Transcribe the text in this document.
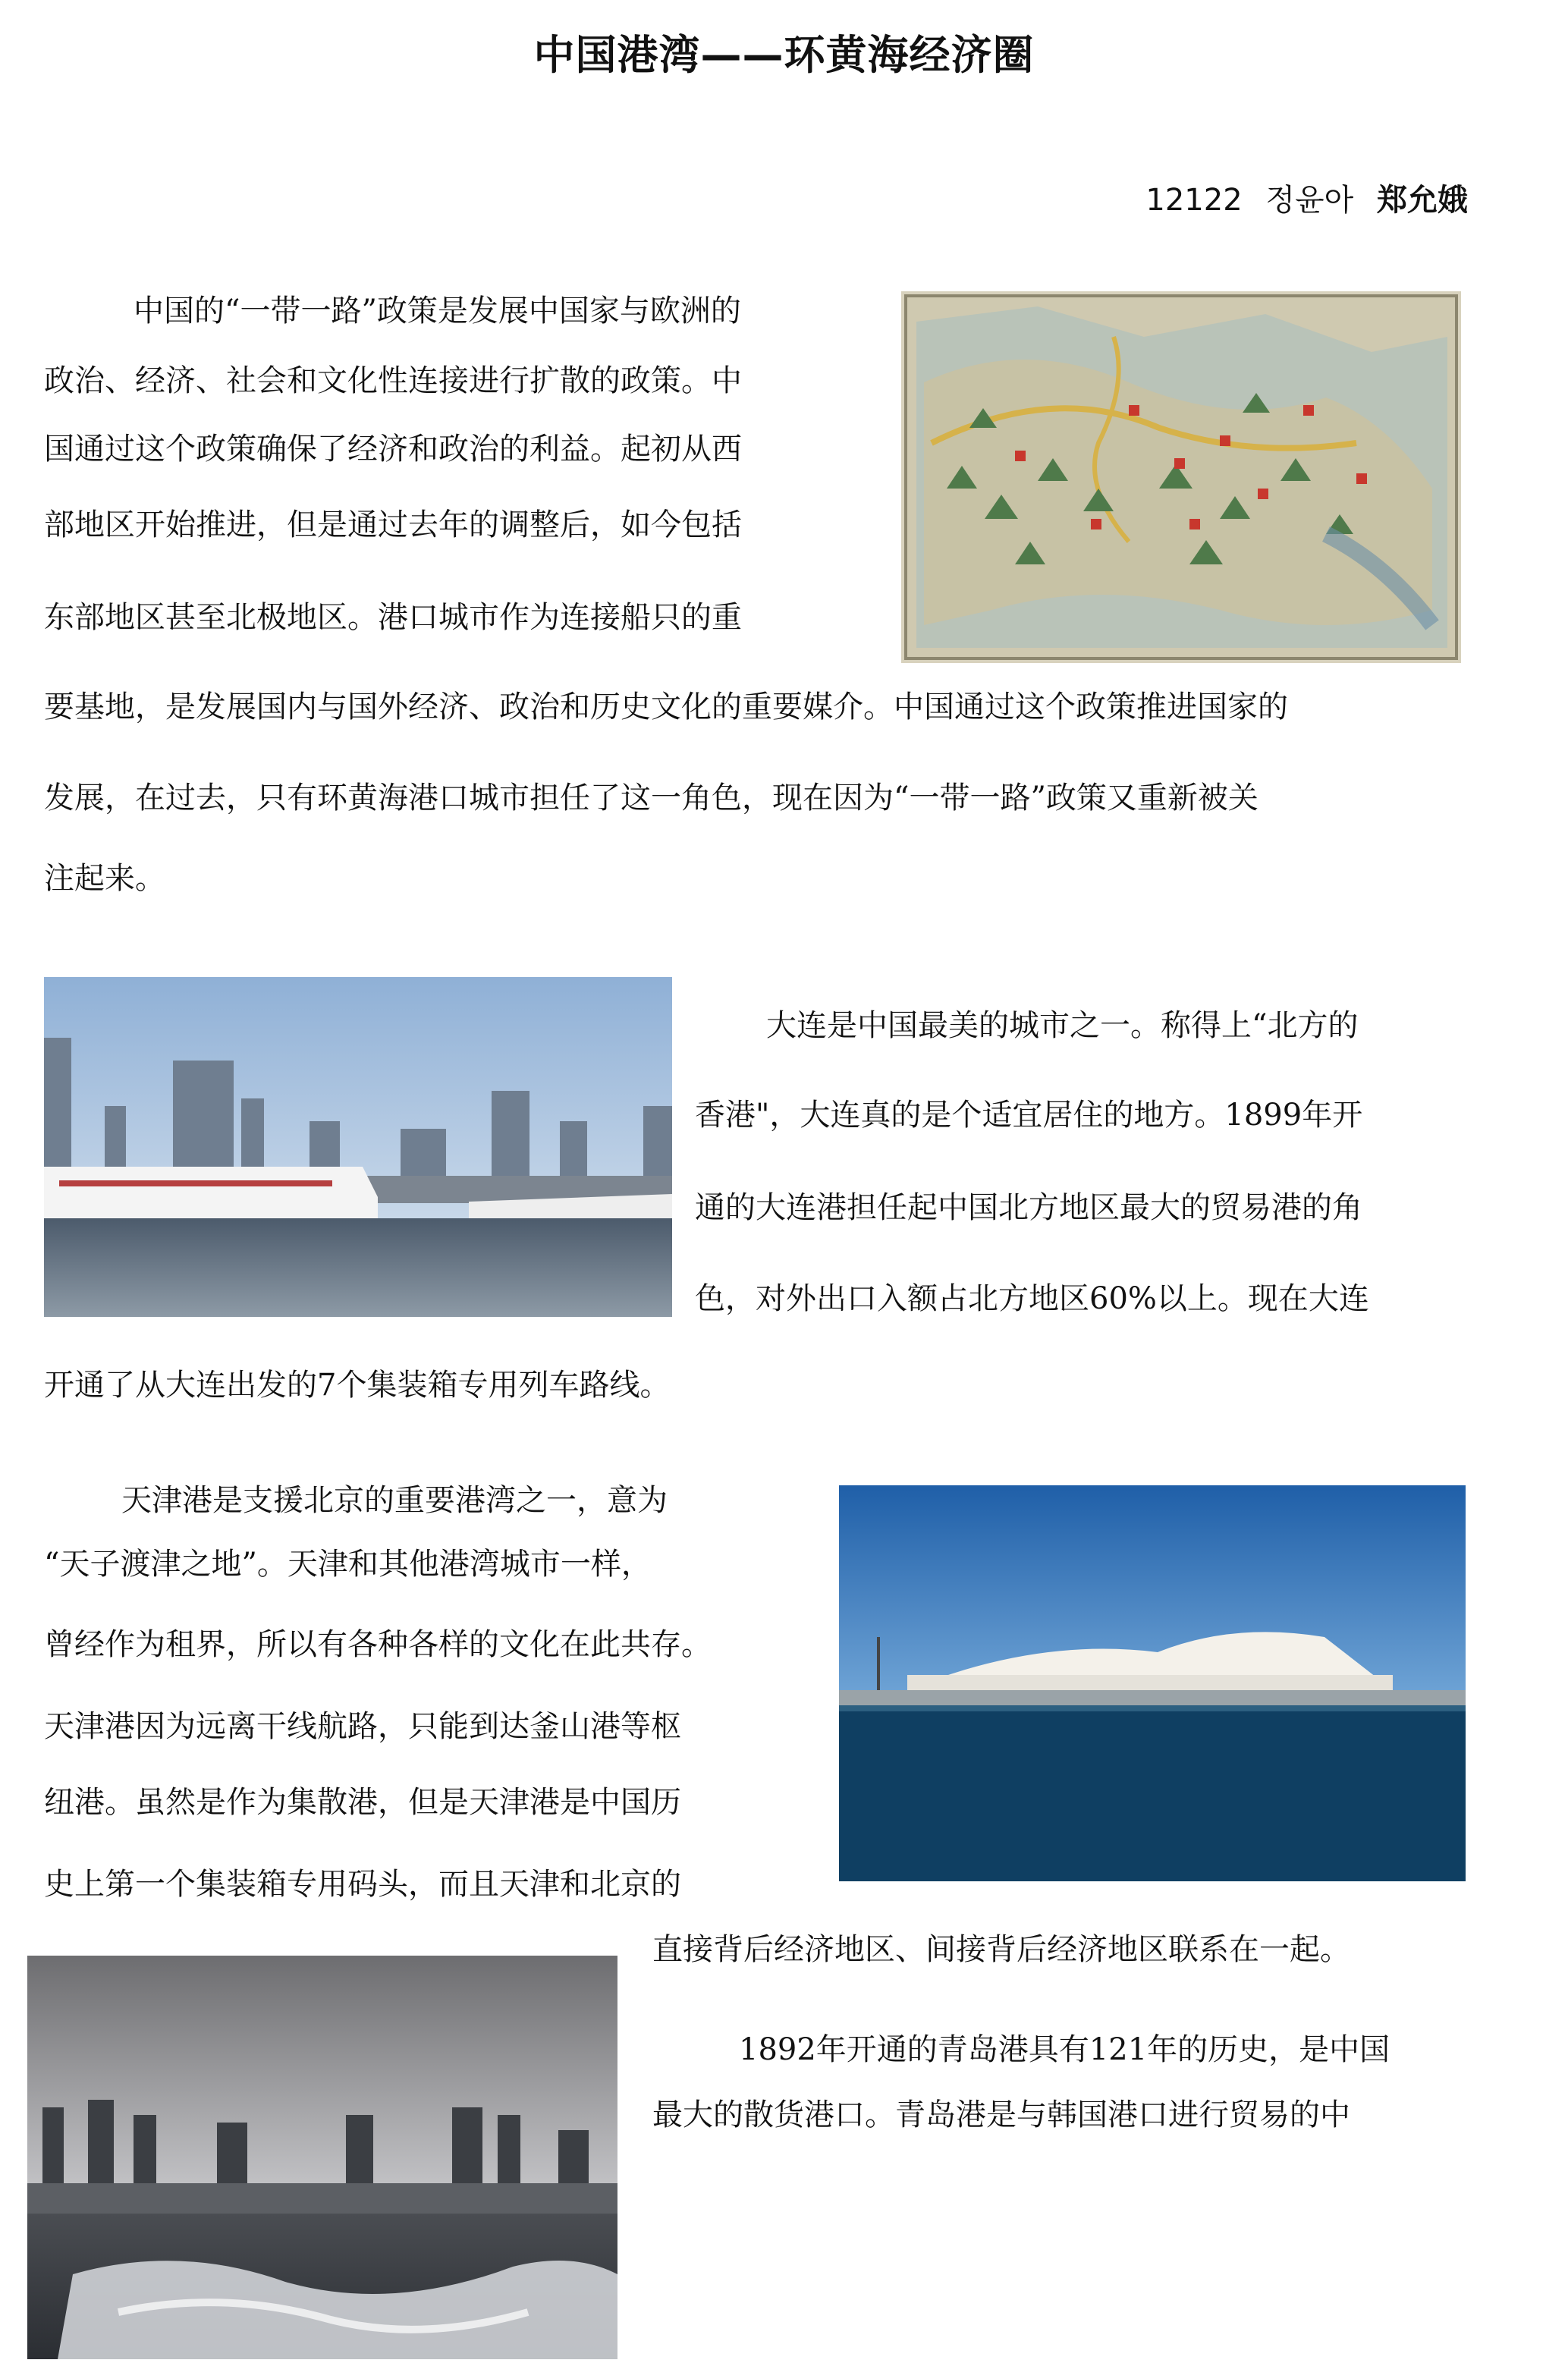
中国港湾——环黄海经济圈
12122 정윤아 郑允娥
中国的“一带一路”政策是发展中国家与欧洲的
政治、经济、社会和文化性连接进行扩散的政策。中
国通过这个政策确保了经济和政治的利益。起初从西
部地区开始推进，但是通过去年的调整后，如今包括
东部地区甚至北极地区。港口城市作为连接船只的重
要基地，是发展国内与国外经济、政治和历史文化的重要媒介。中国通过这个政策推进国家的
发展，在过去，只有环黄海港口城市担任了这一角色，现在因为“一带一路”政策又重新被关
注起来。
大连是中国最美的城市之一。称得上“北方的
香港"，大连真的是个适宜居住的地方。1899年开
通的大连港担任起中国北方地区最大的贸易港的角
色，对外出口入额占北方地区60%以上。现在大连
开通了从大连出发的7个集装箱专用列车路线。
天津港是支援北京的重要港湾之一，意为
“天子渡津之地”。天津和其他港湾城市一样，
曾经作为租界，所以有各种各样的文化在此共存。
天津港因为远离干线航路，只能到达釜山港等枢
纽港。虽然是作为集散港，但是天津港是中国历
史上第一个集装箱专用码头，而且天津和北京的
直接背后经济地区、间接背后经济地区联系在一起。
1892年开通的青岛港具有121年的历史，是中国
最大的散货港口。青岛港是与韩国港口进行贸易的中
